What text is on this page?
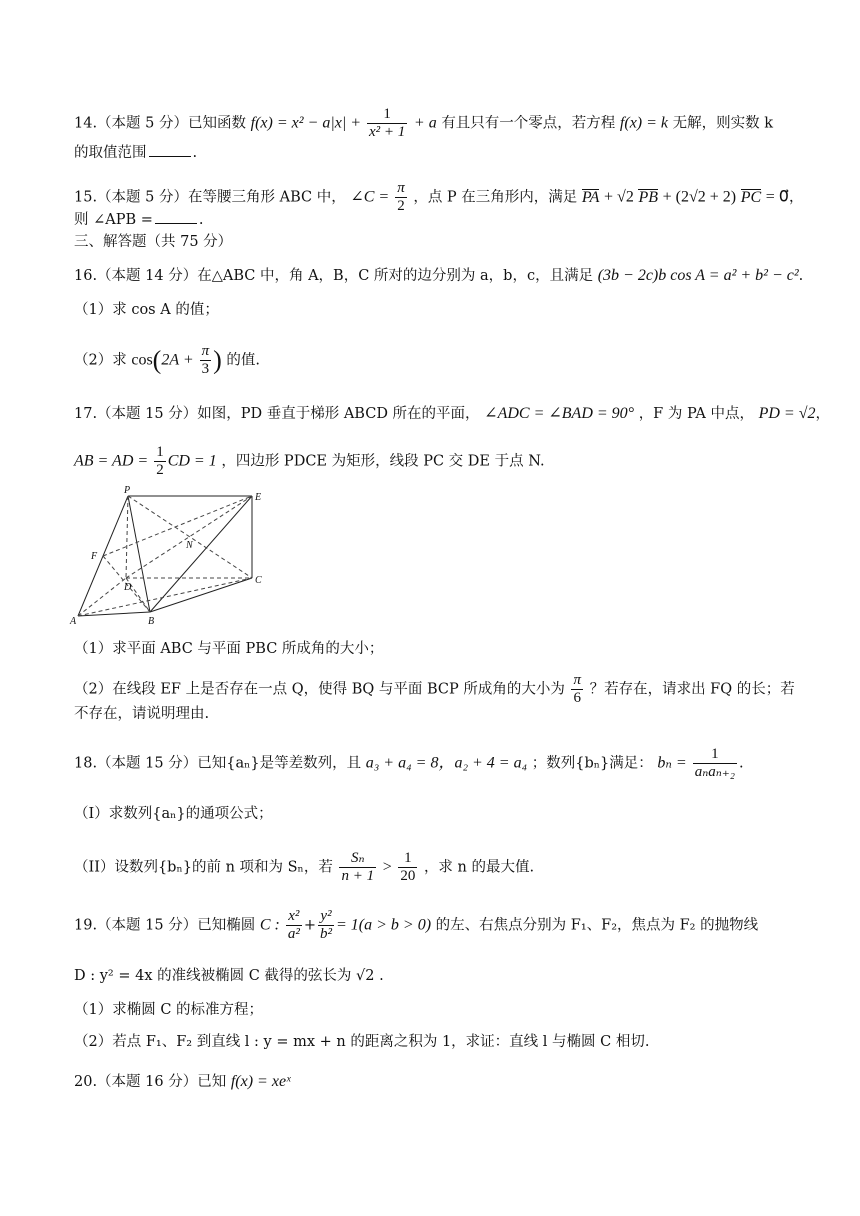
14.（本题 5 分）已知函数 $f(x) = x^2 - a|x| + \frac{1}{\text{x² + 1}} + a$ 有且只有一个零点，若方程 f(x) = k 无解，则实数 k
的取值范围	.
15.（本题 5 分）在等腰三角形 ABC 中， ∠C = $\frac{\pi}{2}$ ，点 P 在三角形内，满足 PA + √2 PB + (2√2 + 2) PC = 0⃗，
则 ∠APB =	.
三、解答题（共 75 分）
16.（本题 14 分）在△ABC 中，角 A，B，C 所对的边分别为 a，b，c，且满足 (3b − 2c)b cos A = a² + b² − c².
（1）求 cos A 的值；
（2）求 $\cos(2A + \frac{\pi}{3}$ ) 的值.
17.（本题 15 分）如图，PD 垂直于梯形 ABCD 所在的平面， ∠ADC = ∠BAD = 90° ，F 为 PA 中点， PD = √2，
AB = AD = $\frac{1}{2}$ CD = 1 ，四边形 PDCE 为矩形，线段 PC 交 DE 于点 N.
P
E
F
N
D
C
A	B
（1）求平面 ABC 与平面 PBC 所成角的大小；
（2）在线段 EF 上是否存在一点 Q，使得 BQ 与平面 BCP 所成角的大小为 $\frac{\pi}{6}$ ？若存在，请求出 FQ 的长；若
不存在，请说明理由.
18.（本题 15 分）已知{aₙ}是等差数列，且 a₃ + a₄ = 8，a₂ + 4 = a₄ ；数列{bₙ}满足： $b_n = \frac{1}{\text{aₙaₙ₊₂}}$ .
（I）求数列{aₙ}的通项公式；
（II）设数列{bₙ}的前 n 项和为 Sₙ，若 $\frac{\text{Sₙ}}{n + 1} > \frac{1}{20}$ ，求 n 的最大值.
19.（本题 15 分）已知椭圆 C : $\frac{\text{x²}}{\text{a²}} + \frac{\text{y²}}{\text{b²}} = 1(a > b > 0)$ 的左、右焦点分别为 F₁、F₂，焦点为 F₂ 的抛物线
D : y² = 4x 的准线被椭圆 C 截得的弦长为 √2 .
（1）求椭圆 C 的标准方程；
（2）若点 F₁、F₂ 到直线 l : y = mx + n 的距离之积为 1，求证：直线 l 与椭圆 C 相切.
20.（本题 16 分）已知 f(x) = xeˣ
